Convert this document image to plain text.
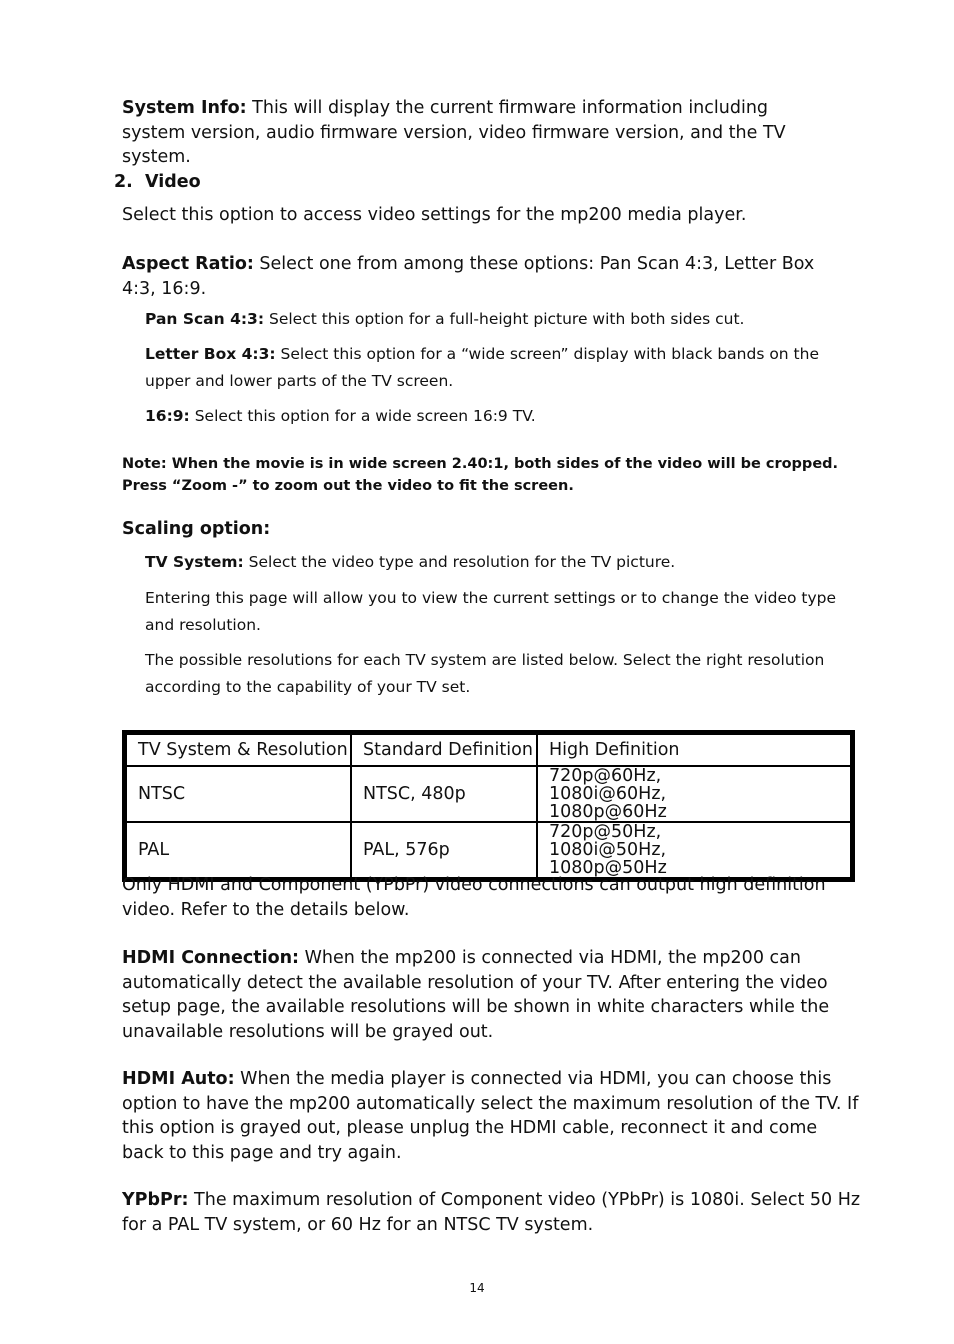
System Info: This will display the current firmware information including system version, audio firmware version, video firmware version, and the TV system.

2. Video

Select this option to access video settings for the mp200 media player.

Aspect Ratio: Select one from among these options: Pan Scan 4:3, Letter Box 4:3, 16:9.

Pan Scan 4:3: Select this option for a full-height picture with both sides cut.

Letter Box 4:3: Select this option for a “wide screen” display with black bands on the upper and lower parts of the TV screen.

16:9: Select this option for a wide screen 16:9 TV.

Note: When the movie is in wide screen 2.40:1, both sides of the video will be cropped.
Press “Zoom -” to zoom out the video to fit the screen.
Scaling option:

TV System: Select the video type and resolution for the TV picture.

Entering this page will allow you to view the current settings or to change the video type and resolution.

The possible resolutions for each TV system are listed below. Select the right resolution according to the capability of your TV set.

TV System & Resolution	Standard Definition	High Definition
NTSC	NTSC, 480p	720p@60Hz, 1080i@60Hz, 1080p@60Hz

PAL	PAL, 576p	720p@50Hz, 1080i@50Hz, 1080p@50Hz

Only HDMI and Component (YPbPr) video connections can output high definition video. Refer to the details below.

HDMI Connection: When the mp200 is connected via HDMI, the mp200 can automatically detect the available resolution of your TV. After entering the video setup page, the available resolutions will be shown in white characters while the unavailable resolutions will be grayed out.

HDMI Auto: When the media player is connected via HDMI, you can choose this option to have the mp200 automatically select the maximum resolution of the TV. If this option is grayed out, please unplug the HDMI cable, reconnect it and come back to this page and try again.

YPbPr: The maximum resolution of Component video (YPbPr) is 1080i. Select 50 Hz for a PAL TV system, or 60 Hz for an NTSC TV system.

14
